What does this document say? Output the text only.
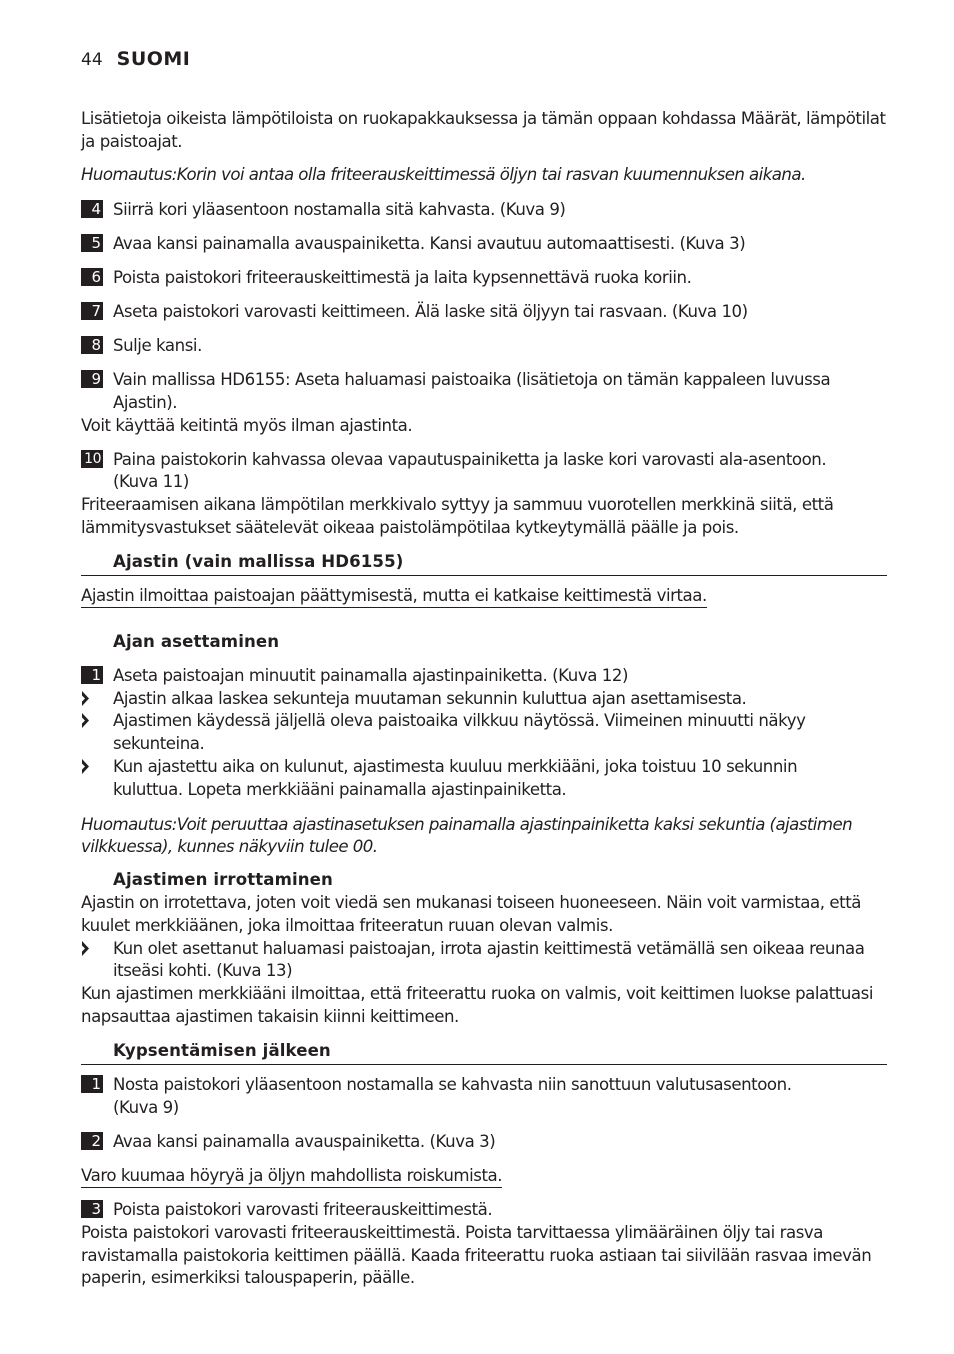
44 SUOMI
Lisätietoja oikeista lämpötiloista on ruokapakkauksessa ja tämän oppaan kohdassa Määrät, lämpötilat
ja paistoajat.
Huomautus:Korin voi antaa olla friteerauskeittimessä öljyn tai rasvan kuumennuksen aikana.
4 Siirrä kori yläasentoon nostamalla sitä kahvasta. (Kuva 9)
5 Avaa kansi painamalla avauspainiketta. Kansi avautuu automaattisesti. (Kuva 3)
6 Poista paistokori friteerauskeittimestä ja laita kypsennettävä ruoka koriin.
7 Aseta paistokori varovasti keittimeen. Älä laske sitä öljyyn tai rasvaan. (Kuva 10)
8 Sulje kansi.
9 Vain mallissa HD6155: Aseta haluamasi paistoaika (lisätietoja on tämän kappaleen luvussa
Ajastin).
Voit käyttää keitintä myös ilman ajastinta.
10 Paina paistokorin kahvassa olevaa vapautuspainiketta ja laske kori varovasti ala-asentoon.
(Kuva 11)
Friteeraamisen aikana lämpötilan merkkivalo syttyy ja sammuu vuorotellen merkkinä siitä, että
lämmitysvastukset säätelevät oikeaa paistolämpötilaa kytkeytymällä päälle ja pois.
Ajastin (vain mallissa HD6155)
Ajastin ilmoittaa paistoajan päättymisestä, mutta ei katkaise keittimestä virtaa.
Ajan asettaminen
1 Aseta paistoajan minuutit painamalla ajastinpainiketta. (Kuva 12)
Ajastin alkaa laskea sekunteja muutaman sekunnin kuluttua ajan asettamisesta.
Ajastimen käydessä jäljellä oleva paistoaika vilkkuu näytössä. Viimeinen minuutti näkyy
sekunteina.
Kun ajastettu aika on kulunut, ajastimesta kuuluu merkkiääni, joka toistuu 10 sekunnin
kuluttua. Lopeta merkkiääni painamalla ajastinpainiketta.
Huomautus:Voit peruuttaa ajastinasetuksen painamalla ajastinpainiketta kaksi sekuntia (ajastimen
vilkkuessa), kunnes näkyviin tulee 00.
Ajastimen irrottaminen
Ajastin on irrotettava, joten voit viedä sen mukanasi toiseen huoneeseen. Näin voit varmistaa, että
kuulet merkkiäänen, joka ilmoittaa friteeratun ruuan olevan valmis.
Kun olet asettanut haluamasi paistoajan, irrota ajastin keittimestä vetämällä sen oikeaa reunaa
itseäsi kohti. (Kuva 13)
Kun ajastimen merkkiääni ilmoittaa, että friteerattu ruoka on valmis, voit keittimen luokse palattuasi
napsauttaa ajastimen takaisin kiinni keittimeen.
Kypsentämisen jälkeen
1 Nosta paistokori yläasentoon nostamalla se kahvasta niin sanottuun valutusasentoon.
(Kuva 9)
2 Avaa kansi painamalla avauspainiketta. (Kuva 3)
Varo kuumaa höyryä ja öljyn mahdollista roiskumista.
3 Poista paistokori varovasti friteerauskeittimestä.
Poista paistokori varovasti friteerauskeittimestä. Poista tarvittaessa ylimääräinen öljy tai rasva
ravistamalla paistokoria keittimen päällä. Kaada friteerattu ruoka astiaan tai siivilään rasvaa imevän
paperin, esimerkiksi talouspaperin, päälle.
